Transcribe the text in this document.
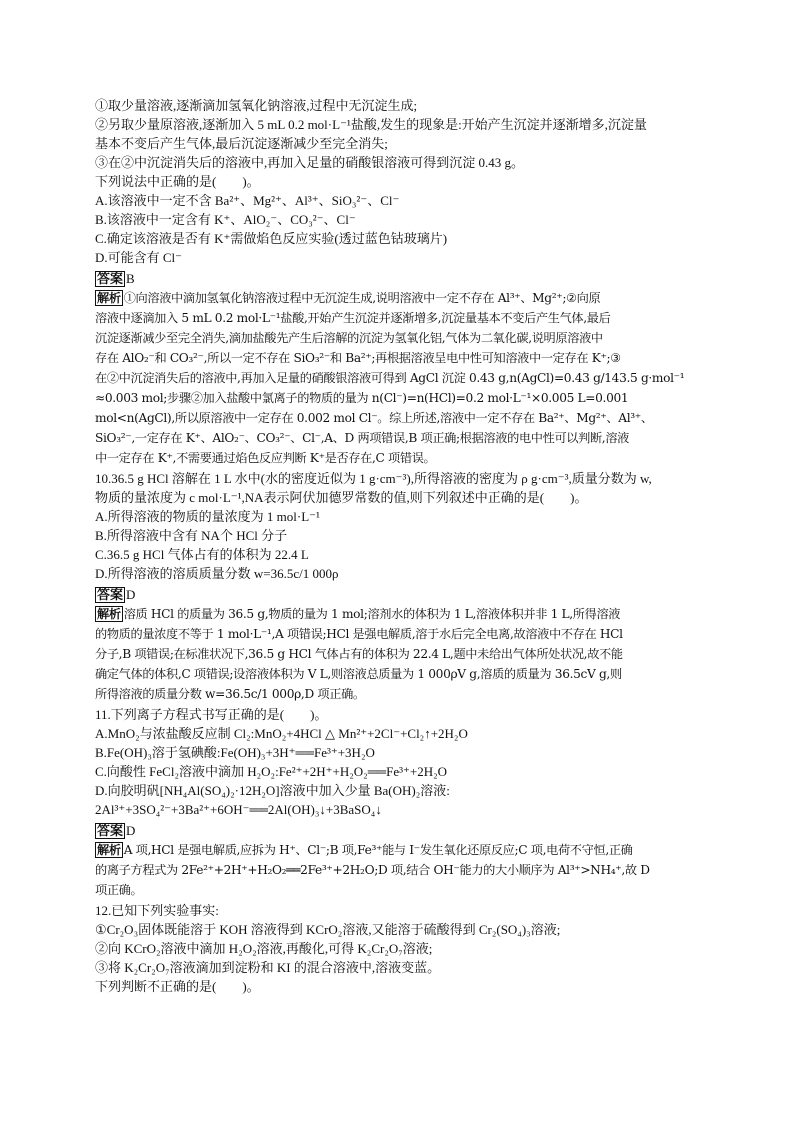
①取少量溶液,逐渐滴加氢氧化钠溶液,过程中无沉淀生成;
②另取少量原溶液,逐渐加入 5 mL 0.2 mol·L⁻¹盐酸,发生的现象是:开始产生沉淀并逐渐增多,沉淀量
基本不变后产生气体,最后沉淀逐渐减少至完全消失;
③在②中沉淀消失后的溶液中,再加入足量的硝酸银溶液可得到沉淀 0.43 g。
下列说法中正确的是(　　)。
A.该溶液中一定不含 Ba²⁺、Mg²⁺、Al³⁺、SiO₃²⁻、Cl⁻
B.该溶液中一定含有 K⁺、AlO₂⁻、CO₃²⁻、Cl⁻
C.确定该溶液是否有 K⁺需做焰色反应实验(透过蓝色钴玻璃片)
D.可能含有 Cl⁻
答案 B
解析 ①向溶液中滴加氢氧化钠溶液过程中无沉淀生成,说明溶液中一定不存在 Al³⁺、Mg²⁺;②向原
溶液中逐滴加入 5 mL 0.2 mol·L⁻¹盐酸,开始产生沉淀并逐渐增多,沉淀量基本不变后产生气体,最后
沉淀逐渐减少至完全消失,滴加盐酸先产生后溶解的沉淀为氢氧化铝,气体为二氧化碳,说明原溶液中
存在 AlO₂⁻和 CO₃²⁻,所以一定不存在 SiO₃²⁻和 Ba²⁺;再根据溶液呈电中性可知溶液中一定存在 K⁺;③
在②中沉淀消失后的溶液中,再加入足量的硝酸银溶液可得到 AgCl 沉淀 0.43 g,n(AgCl)=0.43 g/143.5 g·mol⁻¹
≈0.003 mol;步骤②加入盐酸中氯离子的物质的量为 n(Cl⁻)=n(HCl)=0.2 mol·L⁻¹×0.005 L=0.001
mol<n(AgCl),所以原溶液中一定存在 0.002 mol Cl⁻。综上所述,溶液中一定不存在 Ba²⁺、Mg²⁺、Al³⁺、
SiO₃²⁻,一定存在 K⁺、AlO₂⁻、CO₃²⁻、Cl⁻,A、D 两项错误,B 项正确;根据溶液的电中性可以判断,溶液
中一定存在 K⁺,不需要通过焰色反应判断 K⁺是否存在,C 项错误。
10.36.5 g HCl 溶解在 1 L 水中(水的密度近似为 1 g·cm⁻³),所得溶液的密度为 ρ g·cm⁻³,质量分数为 w,
物质的量浓度为 c mol·L⁻¹,NA表示阿伏加德罗常数的值,则下列叙述中正确的是(　　)。
A.所得溶液的物质的量浓度为 1 mol·L⁻¹
B.所得溶液中含有 NA个 HCl 分子
C.36.5 g HCl 气体占有的体积为 22.4 L
D.所得溶液的溶质质量分数 w=36.5c/1 000ρ
答案 D
解析 溶质 HCl 的质量为 36.5 g,物质的量为 1 mol;溶剂水的体积为 1 L,溶液体积并非 1 L,所得溶液
的物质的量浓度不等于 1 mol·L⁻¹,A 项错误;HCl 是强电解质,溶于水后完全电离,故溶液中不存在 HCl
分子,B 项错误;在标准状况下,36.5 g HCl 气体占有的体积为 22.4 L,题中未给出气体所处状况,故不能
确定气体的体积,C 项错误;设溶液体积为 V L,则溶液总质量为 1 000ρV g,溶质的质量为 36.5cV g,则
所得溶液的质量分数 w=36.5c/1 000ρ,D 项正确。
11.下列离子方程式书写正确的是(　　)。
A.MnO₂与浓盐酸反应制 Cl₂:MnO₂+4HCl △ Mn²⁺+2Cl⁻+Cl₂↑+2H₂O
B.Fe(OH)₃溶于氢碘酸:Fe(OH)₃+3H⁺══Fe³⁺+3H₂O
C.向酸性 FeCl₂溶液中滴加 H₂O₂:Fe²⁺+2H⁺+H₂O₂══Fe³⁺+2H₂O
D.向胶明矾[NH₄Al(SO₄)₂·12H₂O]溶液中加入少量 Ba(OH)₂溶液:
2Al³⁺+3SO₄²⁻+3Ba²⁺+6OH⁻══2Al(OH)₃↓+3BaSO₄↓
答案 D
解析 A 项,HCl 是强电解质,应拆为 H⁺、Cl⁻;B 项,Fe³⁺能与 I⁻发生氧化还原反应;C 项,电荷不守恒,正确
的离子方程式为 2Fe²⁺+2H⁺+H₂O₂══2Fe³⁺+2H₂O;D 项,结合 OH⁻能力的大小顺序为 Al³⁺>NH₄⁺,故 D
项正确。
12.已知下列实验事实:
①Cr₂O₃固体既能溶于 KOH 溶液得到 KCrO₂溶液,又能溶于硫酸得到 Cr₂(SO₄)₃溶液;
②向 KCrO₂溶液中滴加 H₂O₂溶液,再酸化,可得 K₂Cr₂O₇溶液;
③将 K₂Cr₂O₇溶液滴加到淀粉和 KI 的混合溶液中,溶液变蓝。
下列判断不正确的是(　　)。
